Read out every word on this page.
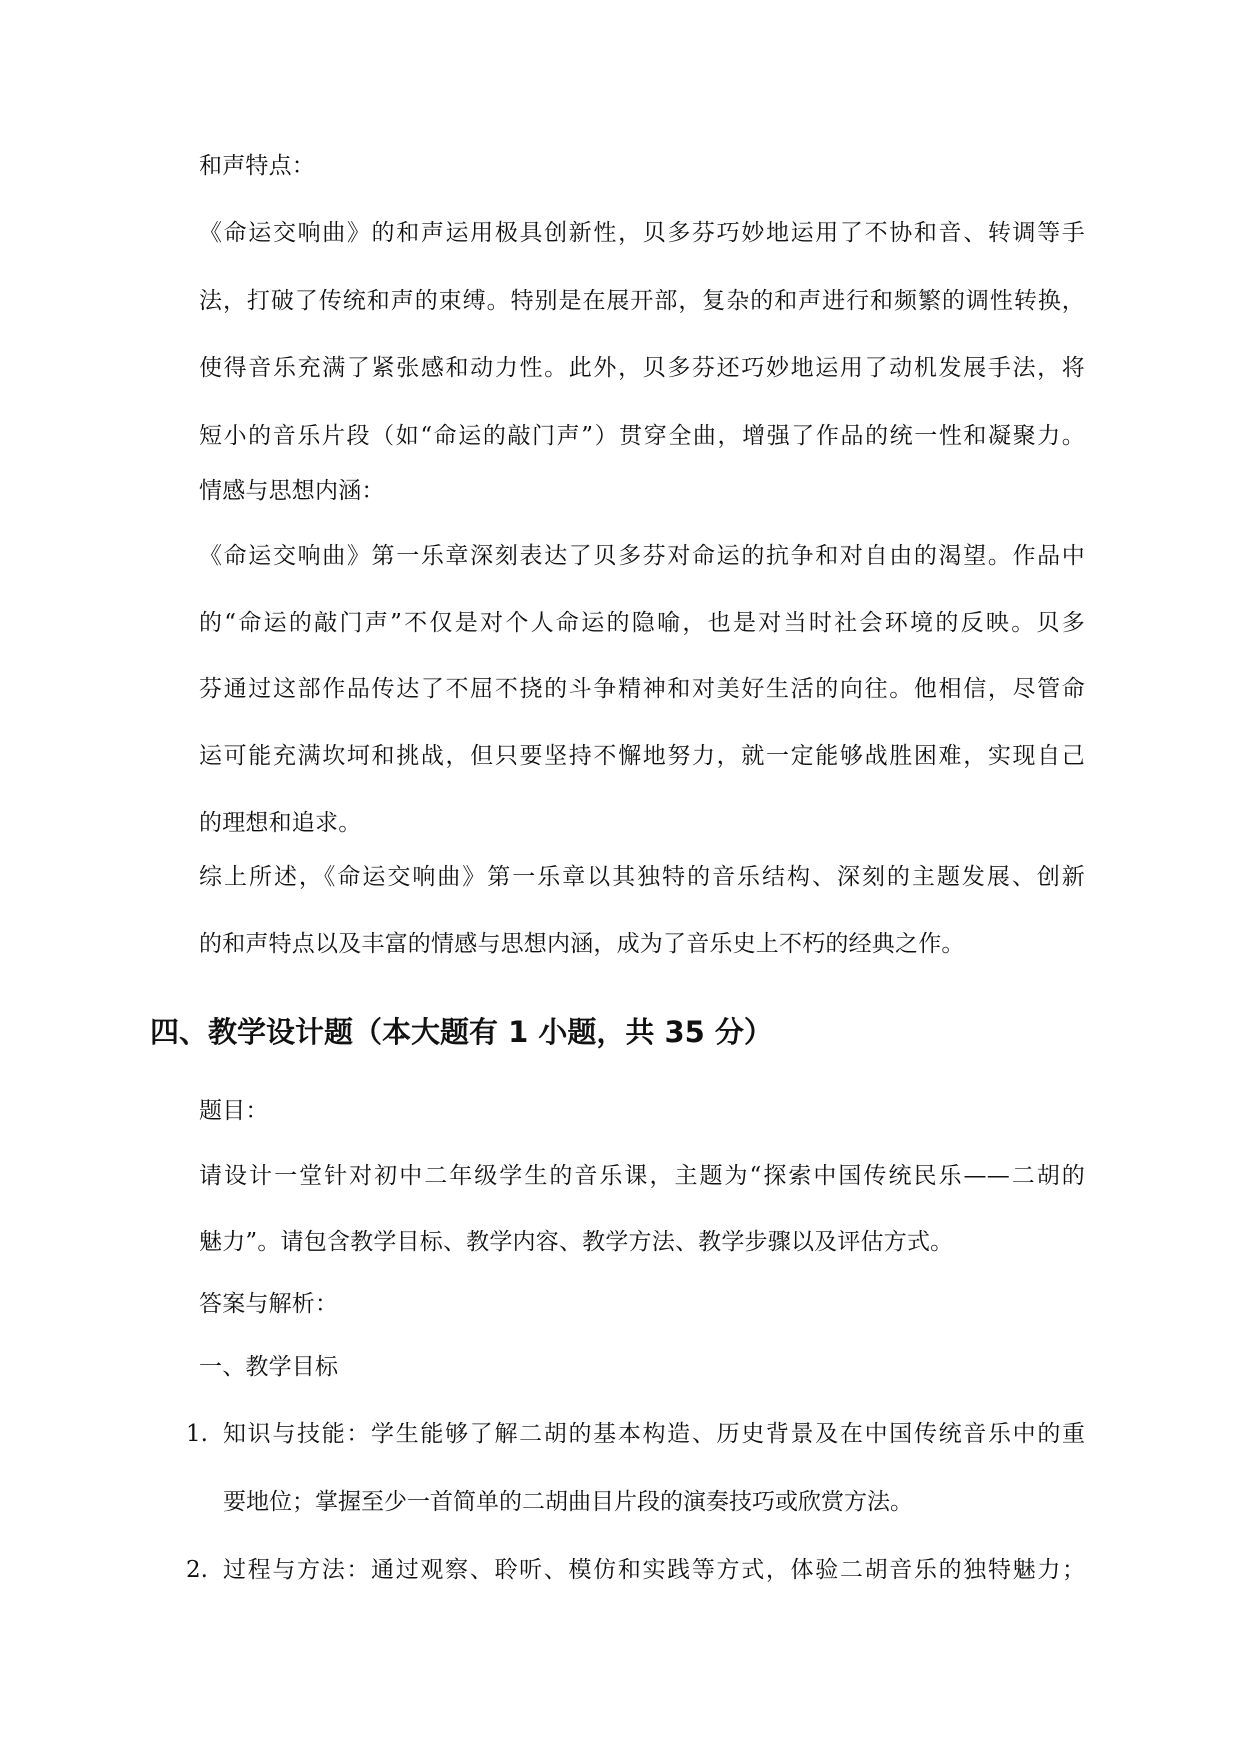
和声特点：
《命运交响曲》的和声运用极具创新性，贝多芬巧妙地运用了不协和音、转调等手
法，打破了传统和声的束缚。特别是在展开部，复杂的和声进行和频繁的调性转换，
使得音乐充满了紧张感和动力性。此外，贝多芬还巧妙地运用了动机发展手法，将
短小的音乐片段（如“命运的敲门声”）贯穿全曲，增强了作品的统一性和凝聚力。
情感与思想内涵：
《命运交响曲》第一乐章深刻表达了贝多芬对命运的抗争和对自由的渴望。作品中
的“命运的敲门声”不仅是对个人命运的隐喻，也是对当时社会环境的反映。贝多
芬通过这部作品传达了不屈不挠的斗争精神和对美好生活的向往。他相信，尽管命
运可能充满坎坷和挑战，但只要坚持不懈地努力，就一定能够战胜困难，实现自己
的理想和追求。
综上所述，《命运交响曲》第一乐章以其独特的音乐结构、深刻的主题发展、创新
的和声特点以及丰富的情感与思想内涵，成为了音乐史上不朽的经典之作。
四、教学设计题（本大题有 1 小题，共 35 分）
题目：
请设计一堂针对初中二年级学生的音乐课，主题为“探索中国传统民乐——二胡的
魅力”。请包含教学目标、教学内容、教学方法、教学步骤以及评估方式。
答案与解析：
一、教学目标
1. 知识与技能：学生能够了解二胡的基本构造、历史背景及在中国传统音乐中的重
要地位；掌握至少一首简单的二胡曲目片段的演奏技巧或欣赏方法。
2. 过程与方法：通过观察、聆听、模仿和实践等方式，体验二胡音乐的独特魅力；
